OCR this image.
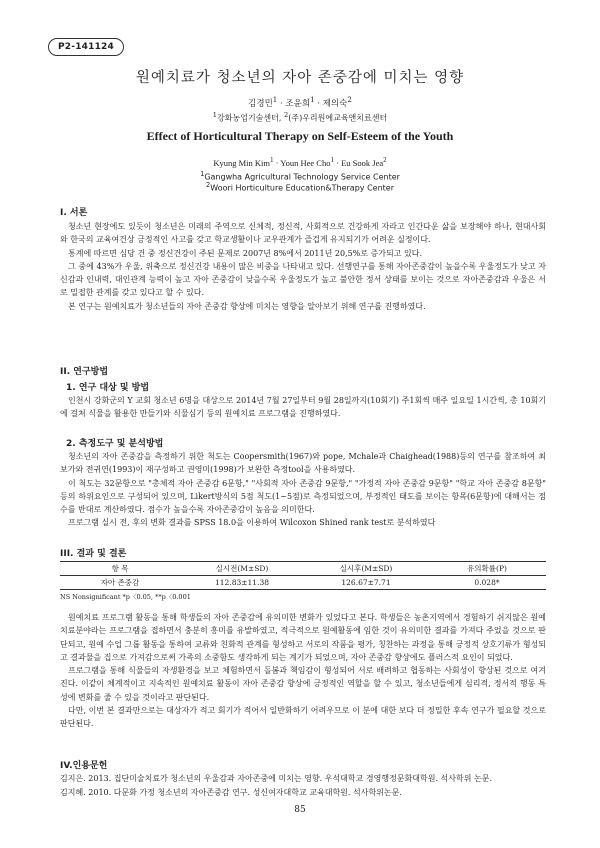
P2-141124
원예치료가 청소년의 자아 존중감에 미치는 영향
김경민$^1$ · 조윤희$^1$ · 제의숙$^2$
$^1$강화농업기술센터, $^2$(주)우리원예교육앤치료센터
Effect of Horticultural Therapy on Self-Esteem of the Youth
Kyung Min Kim$^1$ · Youn Hee Cho$^1$ · Eu Sook Jea$^2$
$^1$Gangwha Agricultural Technology Service Center
$^2$Woori Horticulture Education&Therapy Center
I. 서론

청소년 현장에도 있듯이 청소년은 미래의 주역으로 신체적, 정신적, 사회적으로 건강하게 자라고 인간다운 삶을 보장해야 하나, 현대사회와 한국의 교육여건상 긍정적인 사고를 갖고 학교생활이나 교우관계가 즐겁게 유지되기가 어려운 실정이다.

통계에 따르면 심당 건 중 정신건강이 주된 문제로 2007년 8%에서 2011년 20,5%로 증가되고 있다.

그 중에 43%가 우울, 위축으로 정신건강 내용이 많은 비중을 나타내고 있다. 선행연구를 통해 자아존중감이 높을수록 우울정도가 낮고 자신감과 인내력, 대인관계 능력이 높고 자아 존중감이 낮을수록 우울정도가 높고 불안한 정서 상태를 보이는 것으로 자아존중감과 우울은 서로 밀접한 관계를 갖고 있다고 할 수 있다.

본 연구는 원예치료가 청소년들의 자아 존중감 향상에 미치는 영향을 알아보기 위해 연구를 진행하였다.

II. 연구방법
1. 연구 대상 및 방법

인천시 강화군의 Y 교회 청소년 6명을 대상으로 2014년 7월 27일부터 9월 28일까지(10회기) 주1회씩 매주 일요일 1시간씩, 총 10회기에 걸쳐 식물을 활용한 만들기와 식물심기 등의 원예치료 프로그램을 진행하였다.

2. 측정도구 및 분석방법

청소년의 자아 존중감을 측정하기 위한 척도는 Coopersmith(1967)와 pope, Mchale과 Chaighead(1988)등의 연구를 참조하여 최보가와 전귀연(1993)이 재구성하고 권영미(1998)가 보완한 측정tool을 사용하였다.

이 척도는 32문항으로 "총체적 자아 존중감 6문항," "사회적 자아 존중감 9문항," "가정적 자아 존중감 9문항" "학교 자아 존중감 8문항" 등의 하위요인으로 구성되어 있으며, Likert방식의 5점 척도(1∼5점)로 측정되었으며, 부정적인 태도를 보이는 항목(6문항)에 대해서는 점수를 반대로 계산하였다. 점수가 높을수록 자아존중감이 높음을 의미한다.

프로그램 실시 전, 후의 변화 결과를 SPSS 18.0을 이용하여 Wilcoxon Shined rank test로 분석하였다

III. 결과 및 결론
항 목	실시전(M±SD)	실시후(M±SD)	유의확률(P)
자아 존중감	112.83±11.38	126.67±7.71	0.028*
NS Nonsignificant *p〈0.05, **p〈0.001

원예치료 프로그램 활동을 통해 학생들의 자아 존중감에 유의미한 변화가 있었다고 본다. 학생들은 농촌지역에서 경험하기 쉬지않은 원예치료분야라는 프로그램을 접하면서 충분히 흥미를 유발하였고, 적극적으로 원예활동에 임한 것이 유의미한 결과를 가져다 주었을 것으로 판단되고, 원예 수업 그룹 활동을 통하여 교류와 친화적 관계를 형성하고 서로의 작품을 평가, 칭찬하는 과정을 통해 긍정적 상호기류가 형성되고 결과물을 집으로 가져감으로써 가족의 소중함도 생각하게 되는 계기가 되었으며, 자아 존중감 향상에도 플러스적 요인이 되었다.

프로그램을 통해 식물들의 자생환경을 보고 체험하면서 돌봄과 책임감이 형성되어 서로 배려하고 협동하는 사회성이 향상된 것으로 여겨진다. 이같이 체계적이고 지속적인 원예치료 활동이 자아 존중감 향상에 긍정적인 역할을 할 수 있고, 청소년들에게 심리적, 정서적 행동 특성에 변화를 줄 수 있을 것이라고 판단된다.

다만, 이번 본 결과만으로는 대상자가 적고 회기가 적어서 일반화하기 어려우므로 이 분에 대한 보다 더 정밀한 후속 연구가 필요할 것으로 판단된다.

IV.인용문헌
김지은. 2013. 집단미술치료가 청소년의 우울감과 자아존중에 미치는 영향. 우석대학교 경영행정문화대학원. 석사학위 논문.
김지혜. 2010. 다문화 가정 청소년의 자아존중감 연구. 성신여자대학교 교육대학원. 석사학위논문.
85
